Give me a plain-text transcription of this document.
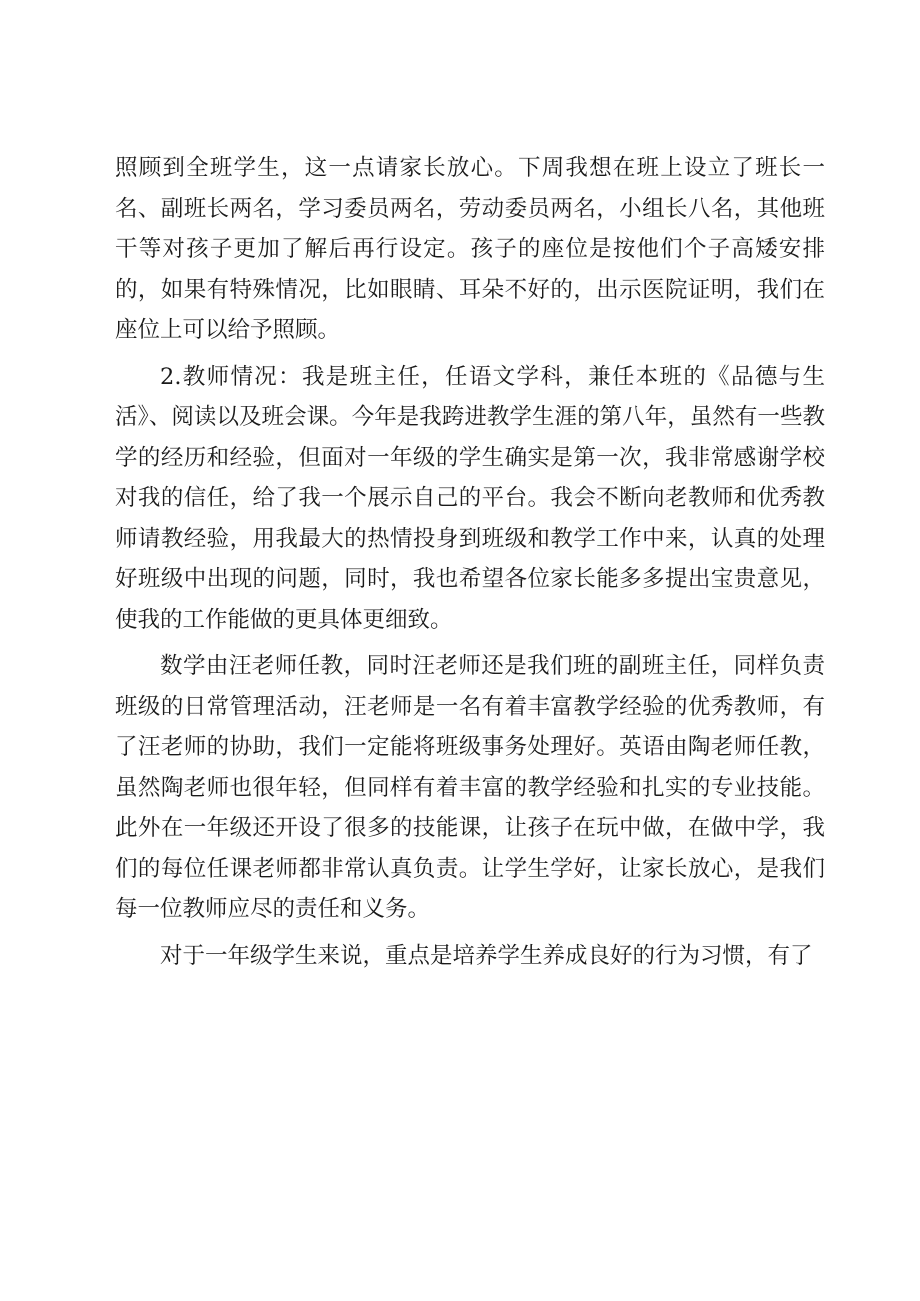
照顾到全班学生，这一点请家长放心。下周我想在班上设立了班长一名、副班长两名，学习委员两名，劳动委员两名，小组长八名，其他班干等对孩子更加了解后再行设定。孩子的座位是按他们个子高矮安排的，如果有特殊情况，比如眼睛、耳朵不好的，出示医院证明，我们在座位上可以给予照顾。

2.教师情况：我是班主任，任语文学科，兼任本班的《品德与生活》、阅读以及班会课。今年是我跨进教学生涯的第八年，虽然有一些教学的经历和经验，但面对一年级的学生确实是第一次，我非常感谢学校对我的信任，给了我一个展示自己的平台。我会不断向老教师和优秀教师请教经验，用我最大的热情投身到班级和教学工作中来，认真的处理好班级中出现的问题，同时，我也希望各位家长能多多提出宝贵意见，使我的工作能做的更具体更细致。

数学由汪老师任教，同时汪老师还是我们班的副班主任，同样负责班级的日常管理活动，汪老师是一名有着丰富教学经验的优秀教师，有了汪老师的协助，我们一定能将班级事务处理好。英语由陶老师任教，虽然陶老师也很年轻，但同样有着丰富的教学经验和扎实的专业技能。此外在一年级还开设了很多的技能课，让孩子在玩中做，在做中学，我们的每位任课老师都非常认真负责。让学生学好，让家长放心，是我们每一位教师应尽的责任和义务。

对于一年级学生来说，重点是培养学生养成良好的行为习惯，有了
